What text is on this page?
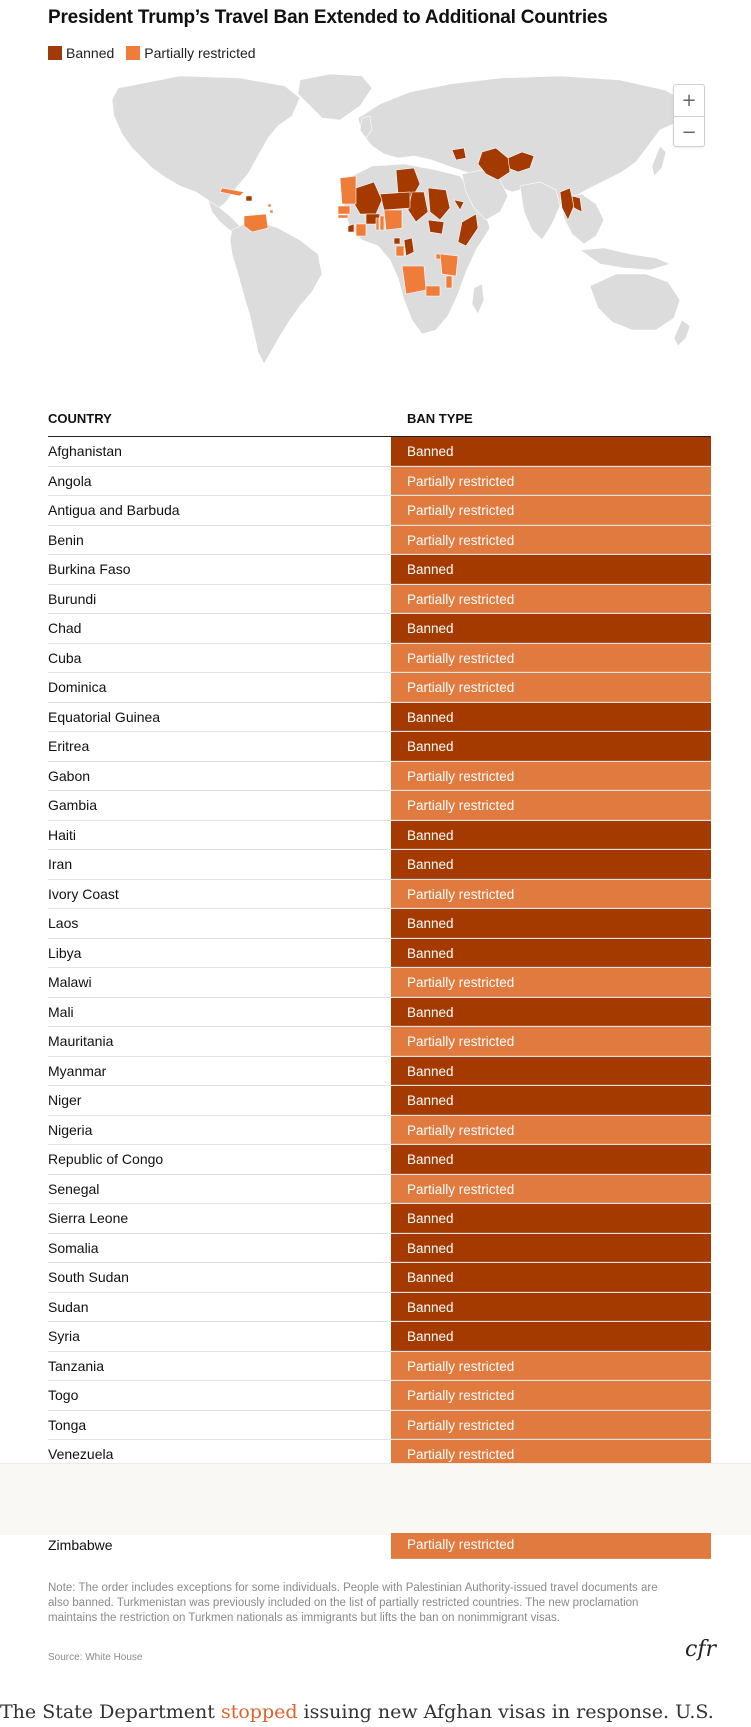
President Trump’s Travel Ban Extended to Additional Countries
Banned Partially restricted
+
−
COUNTRY	BAN TYPE
Afghanistan	Banned
Angola	Partially restricted
Antigua and Barbuda	Partially restricted
Benin	Partially restricted
Burkina Faso	Banned
Burundi	Partially restricted
Chad	Banned
Cuba	Partially restricted
Dominica	Partially restricted
Equatorial Guinea	Banned
Eritrea	Banned
Gabon	Partially restricted
Gambia	Partially restricted
Haiti	Banned
Iran	Banned
Ivory Coast	Partially restricted
Laos	Banned
Libya	Banned
Malawi	Partially restricted
Mali	Banned
Mauritania	Partially restricted
Myanmar	Banned
Niger	Banned
Nigeria	Partially restricted
Republic of Congo	Banned
Senegal	Partially restricted
Sierra Leone	Banned
Somalia	Banned
South Sudan	Banned
Sudan	Banned
Syria	Banned
Tanzania	Partially restricted
Togo	Partially restricted
Tonga	Partially restricted
Venezuela	Partially restricted
Zimbabwe	Partially restricted

Note: The order includes exceptions for some individuals. People with Palestinian Authority-issued travel documents are also banned. Turkmenistan was previously included on the list of partially restricted countries. The new proclamation maintains the restriction on Turkmen nationals as immigrants but lifts the ban on nonimmigrant visas.

Source: White House	cfr

The State Department stopped issuing new Afghan visas in response. U.S.
